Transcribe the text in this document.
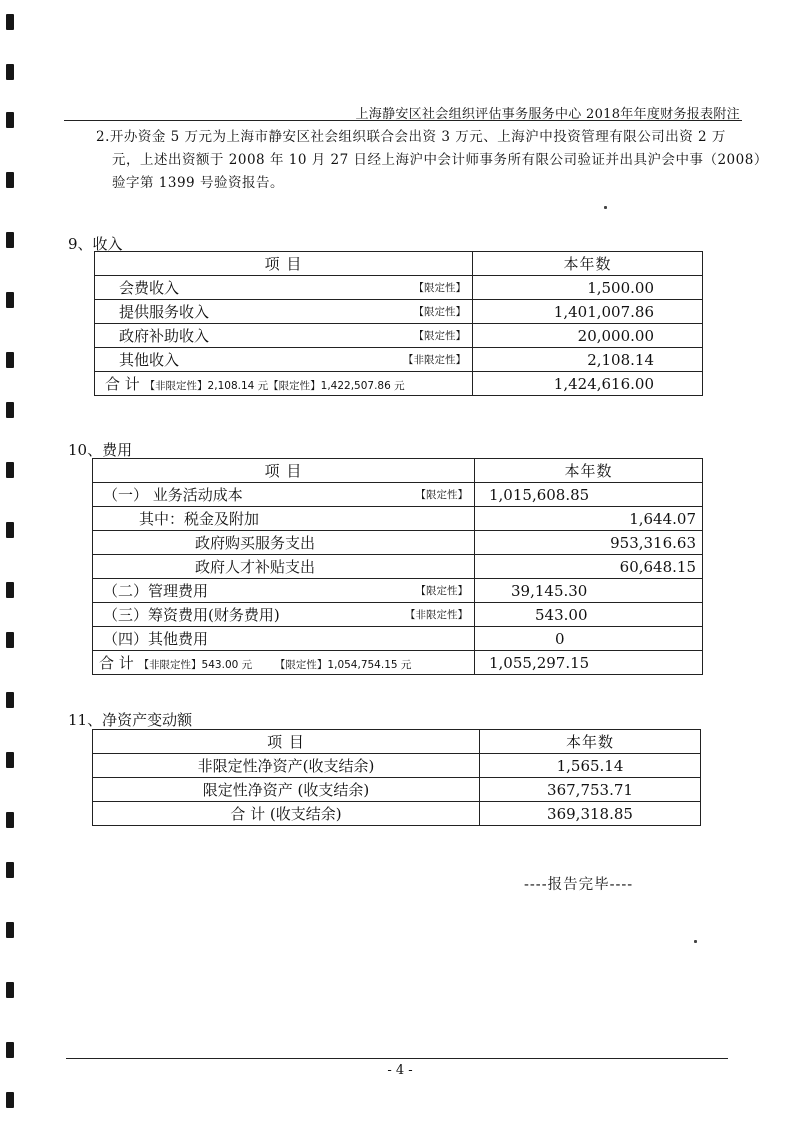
上海静安区社会组织评估事务服务中心 2018年年度财务报表附注
2.开办资金 5 万元为上海市静安区社会组织联合会出资 3 万元、上海沪中投资管理有限公司出资 2 万
元，上述出资额于 2008 年 10 月 27 日经上海沪中会计师事务所有限公司验证并出具沪会中事（2008）
验字第 1399 号验资报告。
9、收入
项 目	本年数
会费收入 【限定性】	1,500.00
提供服务收入 【限定性】	1,401,007.86
政府补助收入 【限定性】	20,000.00
其他收入 【非限定性】	2,108.14
合 计 【非限定性】2,108.14 元【限定性】1,422,507.86 元	1,424,616.00
10、费用
项 目	本年数
（一） 业务活动成本 【限定性】	1,015,608.85
其中：税金及附加	1,644.07
政府购买服务支出	953,316.63
政府人才补贴支出	60,648.15
（二）管理费用 【限定性】	39,145.30
（三）筹资费用(财务费用) 【非限定性】	543.00
（四）其他费用	0
合 计 【非限定性】543.00 元 【限定性】1,054,754.15 元	1,055,297.15
11、净资产变动额
项 目	本年数
非限定性净资产(收支结余)	1,565.14
限定性净资产 (收支结余)	367,753.71
合 计 (收支结余)	369,318.85
----报告完毕----
- 4 -
